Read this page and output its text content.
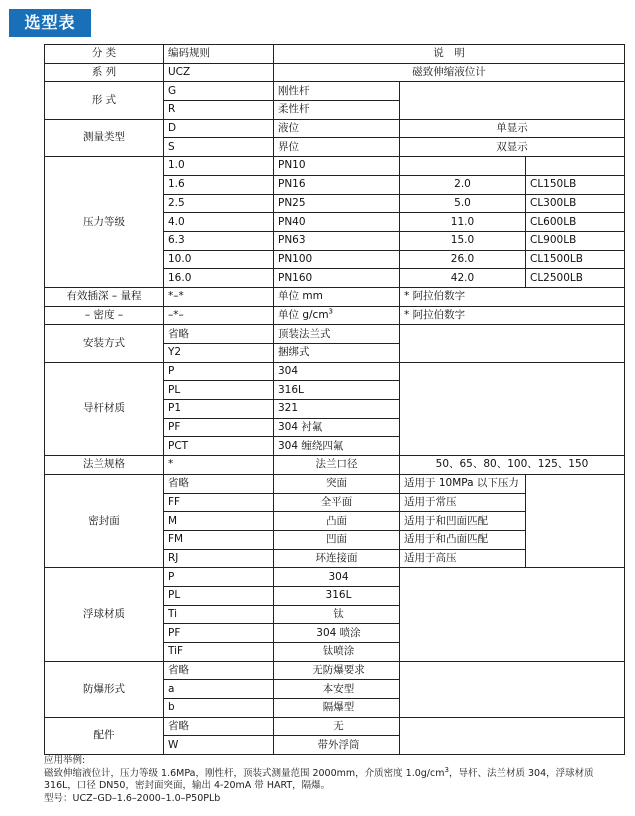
选型表
分 类	编码规则	说　明		
系 列	UCZ	磁致伸缩液位计		
形 式	G	刚性杆		
	R	柔性杆		
测量类型	D	液位	单显示	
	S	界位	双显示	
压力等级	1.0	PN10		
	1.6	PN16	2.0	CL150LB
	2.5	PN25	5.0	CL300LB
	4.0	PN40	11.0	CL600LB
	6.3	PN63	15.0	CL900LB
	10.0	PN100	26.0	CL1500LB
	16.0	PN160	42.0	CL2500LB
有效插深 – 量程	*–*	单位 mm	* 阿拉伯数字	
– 密度 –	–*–	单位 $g/cm^3$	* 阿拉伯数字	
安装方式	省略	顶装法兰式		
	Y2	捆绑式		
导杆材质	P	304		
	PL	316L		
	P1	321		
	PF	304 衬氟		
	PCT	304 缠绕四氟		
法兰规格	*	法兰口径	50、65、80、100、125、150	
密封面	省略	突面	适用于 10MPa 以下压力	
	FF	全平面	适用于常压	
	M	凸面	适用于和凹面匹配	
	FM	凹面	适用于和凸面匹配	
	RJ	环连接面	适用于高压	
浮球材质	P	304		
	PL	316L		
	Ti	钛		
	PF	304 喷涂		
	TiF	钛喷涂		
防爆形式	省略	无防爆要求		
	a	本安型		
	b	隔爆型		
配件	省略	无		
	W	带外浮筒		
应用举例:
磁致伸缩液位计，压力等级 1.6MPa，刚性杆，顶装式测量范围 2000mm，介质密度 $1.0g/cm^3$，导杆、法兰材质 304，浮球材质 316L，口径 DN50，密封面突面，输出 4-20mA 带 HART，隔爆。
型号：UCZ–GD–1.6–2000–1.0–P50PLb
